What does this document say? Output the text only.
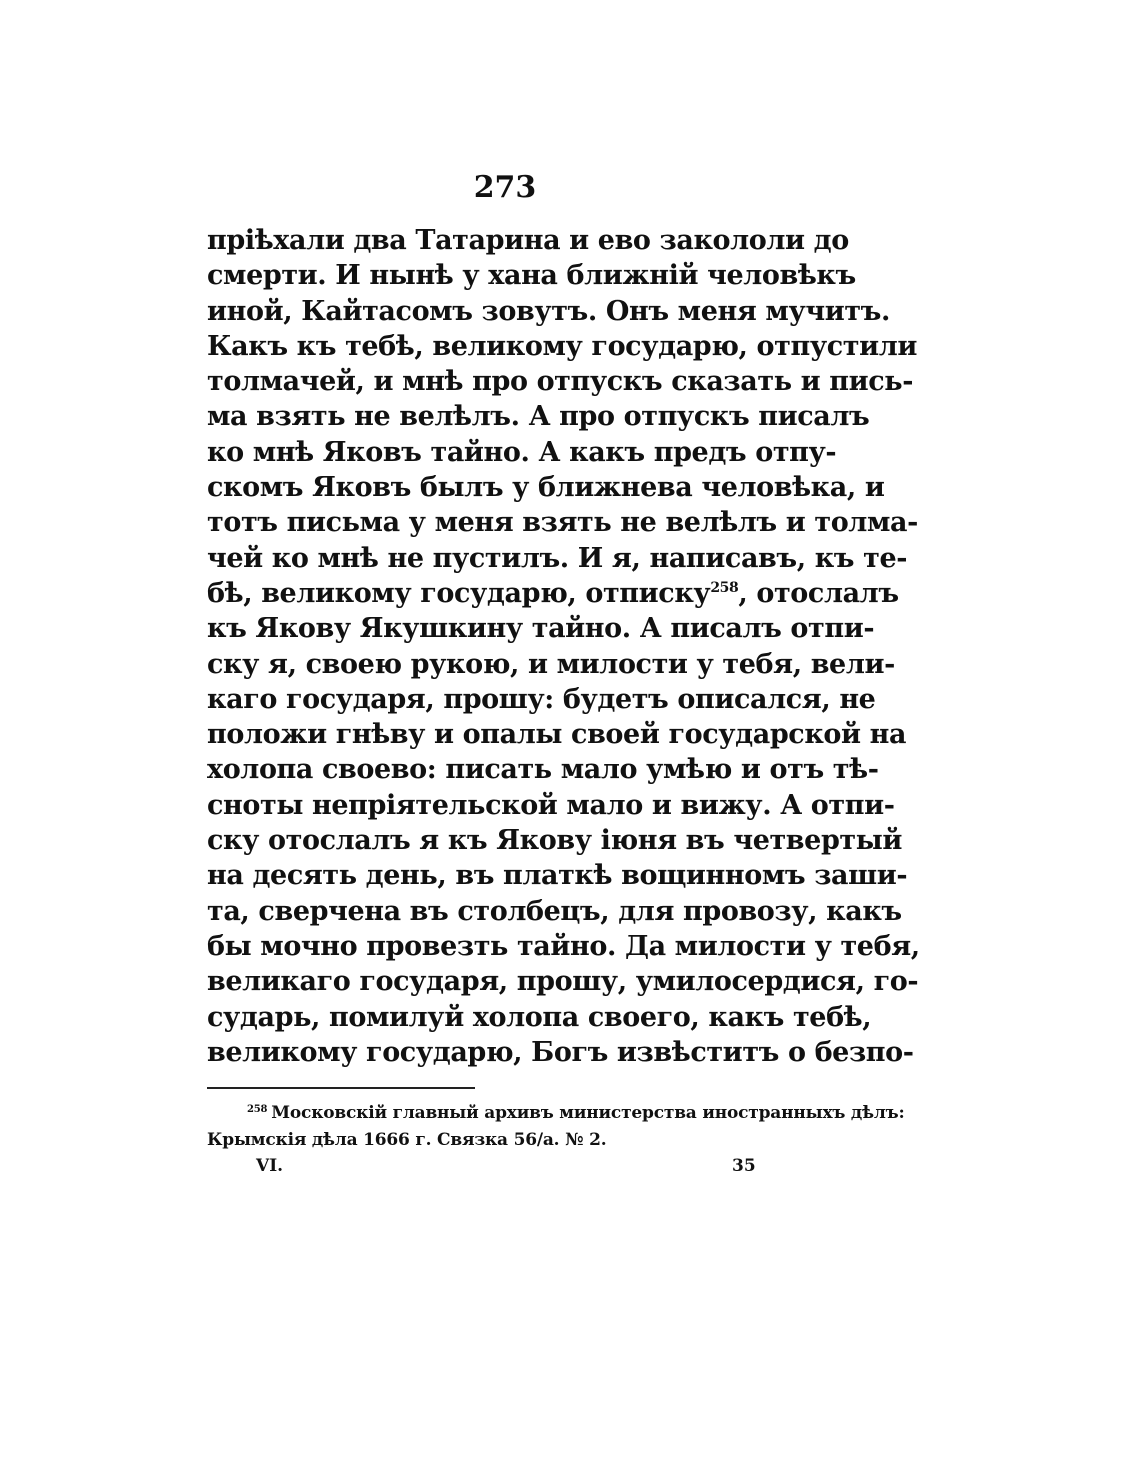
273
пріѣхали два Татарина и ево закололи до
смерти. И нынѣ у хана ближній человѣкъ
иной, Кайтасомъ зовутъ. Онъ меня мучитъ.
Какъ къ тебѣ, великому государю, отпустили
толмачей, и мнѣ про отпускъ сказать и пись-
ма взять не велѣлъ. А про отпускъ писалъ
ко мнѣ Яковъ тайно. А какъ предъ отпу-
скомъ Яковъ былъ у ближнева человѣка, и
тотъ письма у меня взять не велѣлъ и толма-
чей ко мнѣ не пустилъ. И я, написавъ, къ те-
бѣ, великому государю, отписку$^{258}$, отослалъ
къ Якову Якушкину тайно. А писалъ отпи-
ску я, своею рукою, и милости у тебя, вели-
каго государя, прошу: будетъ описался, не
положи гнѣву и опалы своей государской на
холопа своево: писать мало умѣю и отъ тѣ-
сноты непріятельской мало и вижу. А отпи-
ску отослалъ я къ Якову іюня въ четвертый
на десять день, въ платкѣ вощинномъ заши-
та, сверчена въ столбецъ, для провозу, какъ
бы мочно провезть тайно. Да милости у тебя,
великаго государя, прошу, умилосердися, го-
сударь, помилуй холопа своего, какъ тебѣ,
великому государю, Богъ извѣститъ о безпо-
$^{258}$ Московскій главный архивъ министерства иностранныхъ дѣлъ:
Крымскія дѣла 1666 г. Связка 56/а. № 2.
VI.	35
